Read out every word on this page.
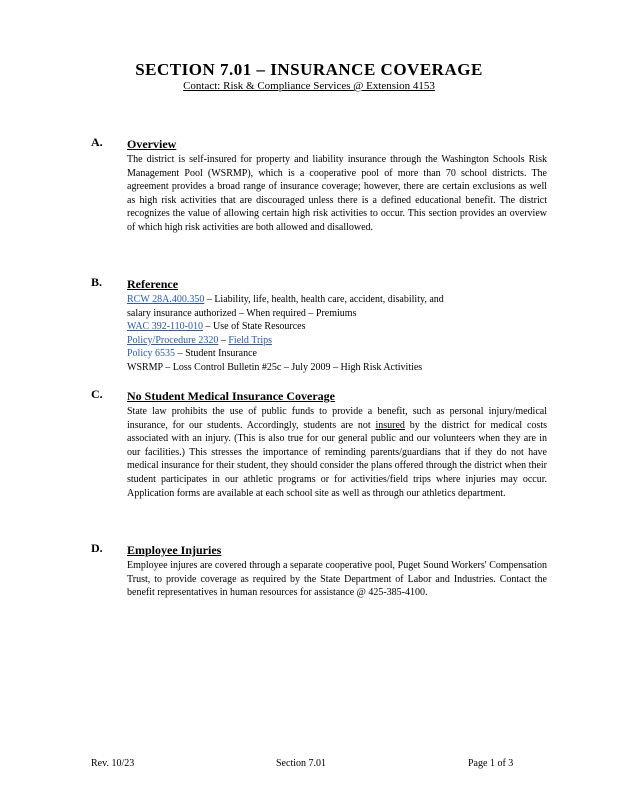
SECTION 7.01 – INSURANCE COVERAGE
Contact: Risk & Compliance Services @ Extension 4153
A. Overview

The district is self-insured for property and liability insurance through the Washington Schools Risk Management Pool (WSRMP), which is a cooperative pool of more than 70 school districts. The agreement provides a broad range of insurance coverage; however, there are certain exclusions as well as high risk activities that are discouraged unless there is a defined educational benefit. The district recognizes the value of allowing certain high risk activities to occur. This section provides an overview of which high risk activities are both allowed and disallowed.

B. Reference

RCW 28A.400.350 – Liability, life, health, health care, accident, disability, and

salary insurance authorized – When required – Premiums

WAC 392-110-010 – Use of State Resources

Policy/Procedure 2320 – Field Trips

Policy 6535 – Student Insurance

WSRMP – Loss Control Bulletin #25c – July 2009 – High Risk Activities

C. No Student Medical Insurance Coverage

State law prohibits the use of public funds to provide a benefit, such as personal injury/medical insurance, for our students. Accordingly, students are not insured by the district for medical costs associated with an injury. (This is also true for our general public and our volunteers when they are in our facilities.) This stresses the importance of reminding parents/guardians that if they do not have medical insurance for their student, they should consider the plans offered through the district when their student participates in our athletic programs or for activities/field trips where injuries may occur. Application forms are available at each school site as well as through our athletics department.

D. Employee Injuries

Employee injures are covered through a separate cooperative pool, Puget Sound Workers' Compensation Trust, to provide coverage as required by the State Department of Labor and Industries. Contact the benefit representatives in human resources for assistance @ 425-385-4100.

Rev. 10/23	Section 7.01	Page 1 of 3
